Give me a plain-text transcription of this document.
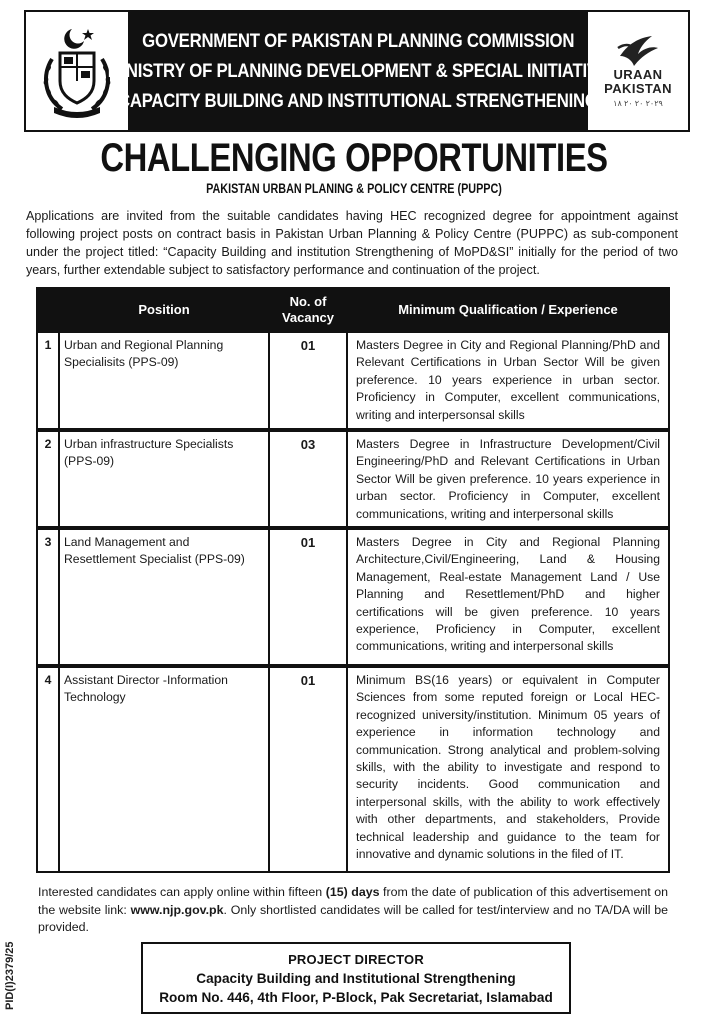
GOVERNMENT OF PAKISTAN PLANNING COMMISSION
MINISTRY OF PLANNING DEVELOPMENT & SPECIAL INITIATIVE
CAPACITY BUILDING AND INSTITUTIONAL STRENGTHENING
URAAN
PAKISTAN
۱۸ ۲۰ ۲۰ ۲۰۲۹
CHALLENGING OPPORTUNITIES
PAKISTAN URBAN PLANING & POLICY CENTRE (PUPPC)
Applications are invited from the suitable candidates having HEC recognized degree for appointment against following project posts on contract basis in Pakistan Urban Planning & Policy Centre (PUPPC) as sub-component under the project titled: “Capacity Building and institution Strengthening of MoPD&SI” initially for the period of two years, further extendable subject to satisfactory performance and continuation of the project.
	Position	No. of Vacancy	Minimum Qualification / Experience
1	Urban and Regional Planning Specialisits (PPS-09)	01	Masters Degree in City and Regional Planning/PhD and Relevant Certifications in Urban Sector Will be given preference. 10 years experience in urban sector. Proficiency in Computer, excellent communications, writing and interpersonsal skills
2	Urban infrastructure Specialists (PPS-09)	03	Masters Degree in Infrastructure Development/Civil Engineering/PhD and Relevant Certifications in Urban Sector Will be given preference. 10 years experience in urban sector. Proficiency in Computer, excellent communications, writing and interpersonal skills
3	Land Management and Resettlement Specialist (PPS-09)	01	Masters Degree in City and Regional Planning Architecture,Civil/Engineering, Land & Housing Management, Real-estate Management Land / Use Planning and Resettlement/PhD and higher certifications will be given preference. 10 years experience, Proficiency in Computer, excellent communications, writing and interpersonal skills
4	Assistant Director -Information Technology	01	Minimum BS(16 years) or equivalent in Computer Sciences from some reputed foreign or Local HEC-recognized university/institution. Minimum 05 years of experience in information technology and communication. Strong analytical and problem-solving skills, with the ability to investigate and respond to security incidents. Good communication and interpersonal skills, with the ability to work effectively with other departments, and stakeholders, Provide technical leadership and guidance to the team for innovative and dynamic solutions in the filed of IT.
Interested candidates can apply online within fifteen (15) days from the date of publication of this advertisement on the website link: www.njp.gov.pk. Only shortlisted candidates will be called for test/interview and no TA/DA will be provided.
PROJECT DIRECTOR
Capacity Building and Institutional Strengthening
Room No. 446, 4th Floor, P-Block, Pak Secretariat, Islamabad
PID(I)2379/25
